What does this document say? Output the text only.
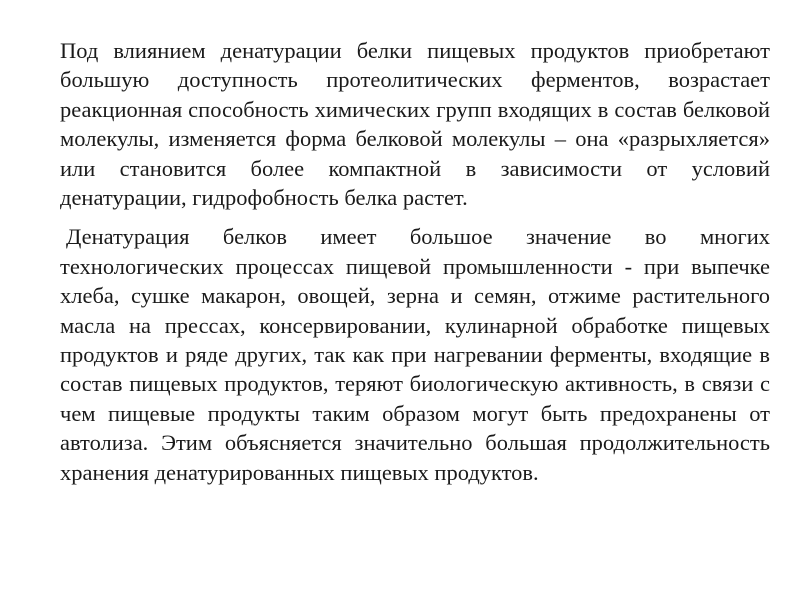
Под влиянием денатурации белки пищевых продуктов приобретают большую доступность протеолитических ферментов, возрастает реакционная способность химических групп входящих в состав белковой молекулы, изменяется форма белковой молекулы – она «разрыхляется» или становится более компактной в зависимости от условий денатурации, гидрофобность белка растет.

Денатурация белков имеет большое значение во многих технологических процессах пищевой промышленности - при выпечке хлеба, сушке макарон, овощей, зерна и семян, отжиме растительного масла на прессах, консервировании, кулинарной обработке пищевых продуктов и ряде других, так как при нагревании ферменты, входящие в состав пищевых продуктов, теряют биологическую активность, в связи с чем пищевые продукты таким образом могут быть предохранены от автолиза. Этим объясняется значительно большая продолжительность хранения денатурированных пищевых продуктов.
